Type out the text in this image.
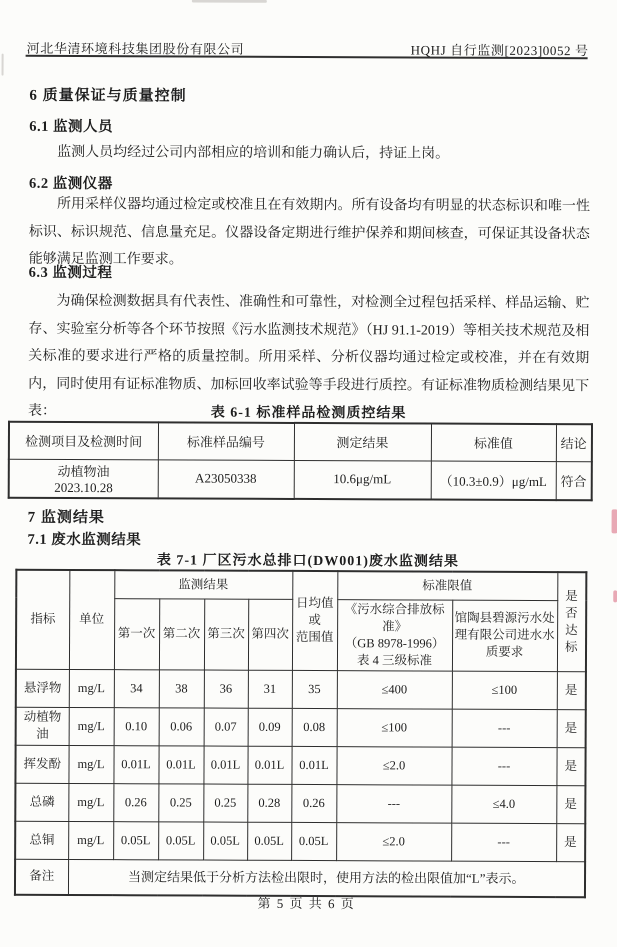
河北华清环境科技集团股份有限公司	HQHJ 自行监测[2023]0052 号
6 质量保证与质量控制
6.1 监测人员
监测人员均经过公司内部相应的培训和能力确认后，持证上岗。
6.2 监测仪器
所用采样仪器均通过检定或校准且在有效期内。所有设备均有明显的状态标识和唯一性标识、标识规范、信息量充足。仪器设备定期进行维护保养和期间核查，可保证其设备状态能够满足监测工作要求。
6.3 监测过程
为确保检测数据具有代表性、准确性和可靠性，对检测全过程包括采样、样品运输、贮存、实验室分析等各个环节按照《污水监测技术规范》（HJ 91.1-2019）等相关技术规范及相关标准的要求进行严格的质量控制。所用采样、分析仪器均通过检定或校准，并在有效期内，同时使用有证标准物质、加标回收率试验等手段进行质控。有证标准物质检测结果见下表：	表 6-1 标准样品检测质控结果
检测项目及检测时间	标准样品编号	测定结果	标准值	结论

动植物油
2023.10.28	A23050338	10.6μg/mL	（10.3±0.9）μg/mL	符合
7 监测结果
7.1 废水监测结果
表 7-1 厂区污水总排口(DW001)废水监测结果
指标	单位	监测结果				日均值或
范围值	标准限值		是否
达标
		第一次	第二次	第三次	第四次		《污水综合排放标准》
（GB 8978-1996）
表 4 三级标准	馆陶县碧源污水处理有限公司进水水质要求	
悬浮物	mg/L	34	38	36	31	35	≤400	≤100	是
动植物油	mg/L	0.10	0.06	0.07	0.09	0.08	≤100	---	是
挥发酚	mg/L	0.01L	0.01L	0.01L	0.01L	0.01L	≤2.0	---	是
总磷	mg/L	0.26	0.25	0.25	0.28	0.26	---	≤4.0	是
总铜	mg/L	0.05L	0.05L	0.05L	0.05L	0.05L	≤2.0	---	是
备注	当测定结果低于分析方法检出限时，使用方法的检出限值加“L”表示。								
第 5 页 共 6 页
